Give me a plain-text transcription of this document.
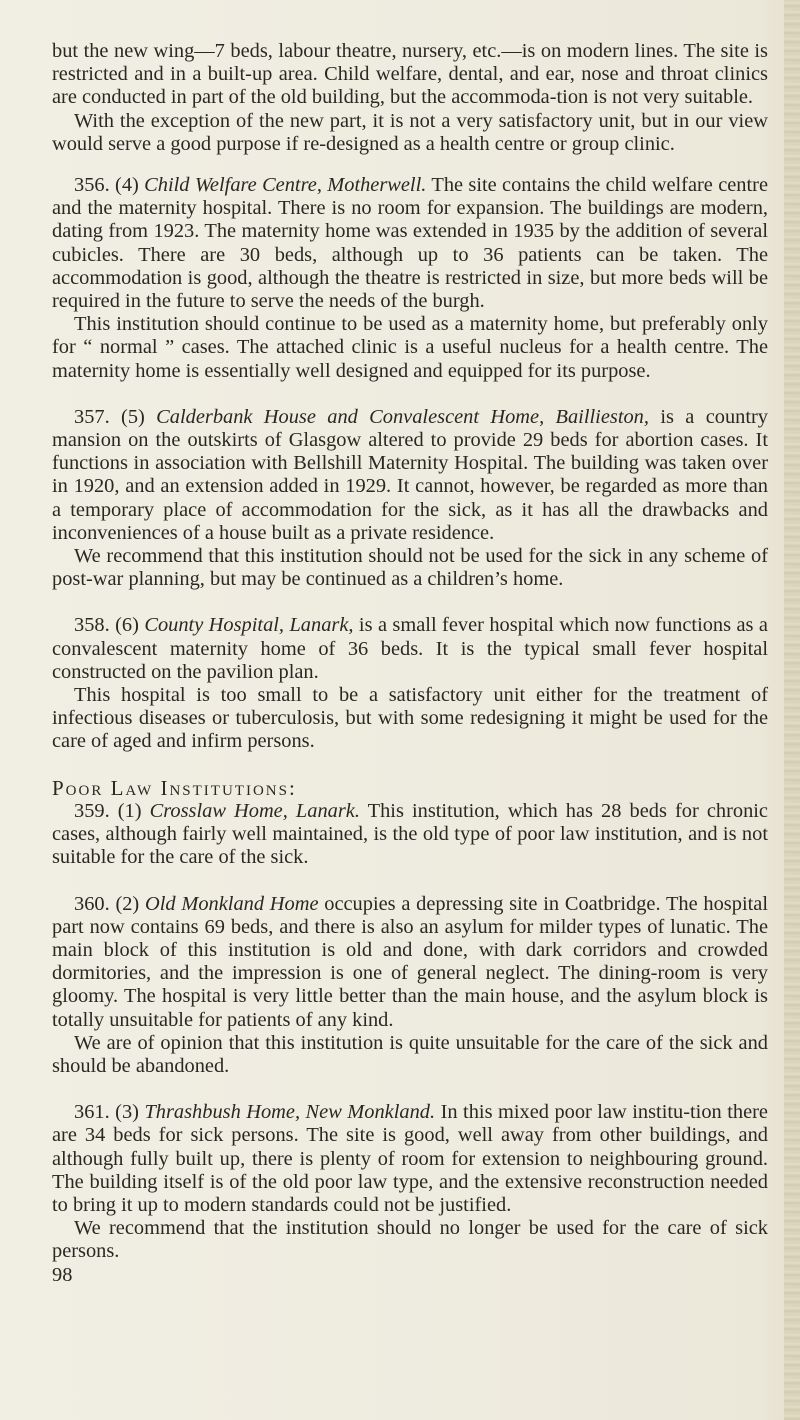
but the new wing—7 beds, labour theatre, nursery, etc.—is on modern lines. The site is restricted and in a built-up area. Child welfare, dental, and ear, nose and throat clinics are conducted in part of the old building, but the accommoda-tion is not very suitable.

With the exception of the new part, it is not a very satisfactory unit, but in our view would serve a good purpose if re-designed as a health centre or group clinic.

356. (4) Child Welfare Centre, Motherwell. The site contains the child welfare centre and the maternity hospital. There is no room for expansion. The buildings are modern, dating from 1923. The maternity home was extended in 1935 by the addition of several cubicles. There are 30 beds, although up to 36 patients can be taken. The accommodation is good, although the theatre is restricted in size, but more beds will be required in the future to serve the needs of the burgh.

This institution should continue to be used as a maternity home, but preferably only for “ normal ” cases. The attached clinic is a useful nucleus for a health centre. The maternity home is essentially well designed and equipped for its purpose.

357. (5) Calderbank House and Convalescent Home, Baillieston, is a country mansion on the outskirts of Glasgow altered to provide 29 beds for abortion cases. It functions in association with Bellshill Maternity Hospital. The building was taken over in 1920, and an extension added in 1929. It cannot, however, be regarded as more than a temporary place of accommodation for the sick, as it has all the drawbacks and inconveniences of a house built as a private residence.

We recommend that this institution should not be used for the sick in any scheme of post-war planning, but may be continued as a children’s home.

358. (6) County Hospital, Lanark, is a small fever hospital which now functions as a convalescent maternity home of 36 beds. It is the typical small fever hospital constructed on the pavilion plan.

This hospital is too small to be a satisfactory unit either for the treatment of infectious diseases or tuberculosis, but with some redesigning it might be used for the care of aged and infirm persons.

Poor Law Institutions:

359. (1) Crosslaw Home, Lanark. This institution, which has 28 beds for chronic cases, although fairly well maintained, is the old type of poor law institution, and is not suitable for the care of the sick.

360. (2) Old Monkland Home occupies a depressing site in Coatbridge. The hospital part now contains 69 beds, and there is also an asylum for milder types of lunatic. The main block of this institution is old and done, with dark corridors and crowded dormitories, and the impression is one of general neglect. The dining-room is very gloomy. The hospital is very little better than the main house, and the asylum block is totally unsuitable for patients of any kind.

We are of opinion that this institution is quite unsuitable for the care of the sick and should be abandoned.

361. (3) Thrashbush Home, New Monkland. In this mixed poor law institu-tion there are 34 beds for sick persons. The site is good, well away from other buildings, and although fully built up, there is plenty of room for extension to neighbouring ground. The building itself is of the old poor law type, and the extensive reconstruction needed to bring it up to modern standards could not be justified.

We recommend that the institution should no longer be used for the care of sick persons.

98
